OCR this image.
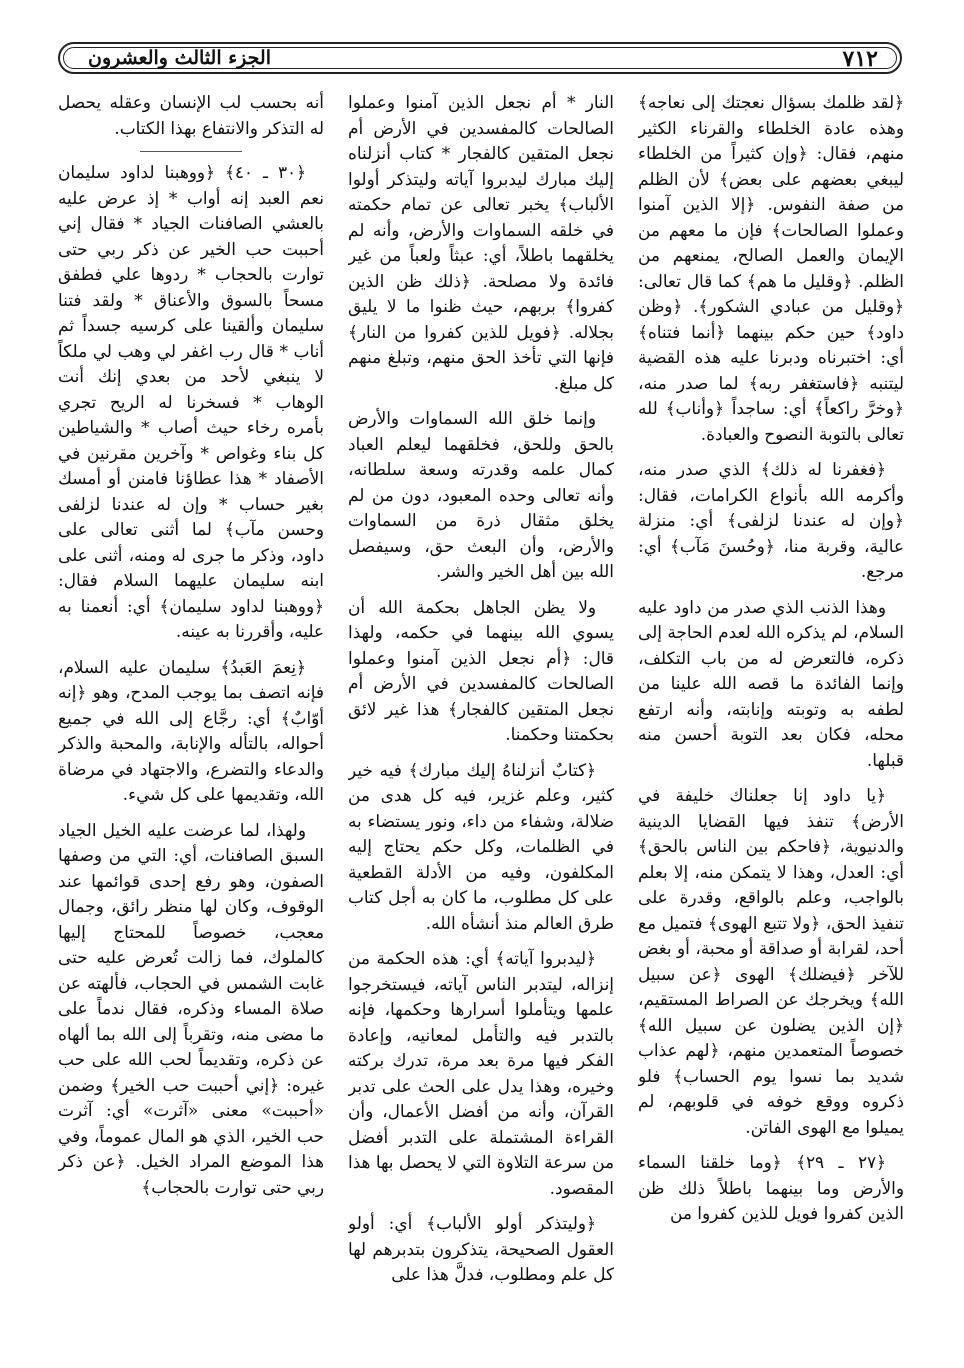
٧١٢
الجزء الثالث والعشرون

﴿لقد ظلمك بسؤال نعجتك إلى نعاجه﴾ وهذه عادة الخلطاء والقرناء الكثير منهم، فقال: ﴿وإن كثيراً من الخلطاء ليبغي بعضهم على بعض﴾ لأن الظلم من صفة النفوس. ﴿إلا الذين آمنوا وعملوا الصالحات﴾ فإن ما معهم من الإيمان والعمل الصالح، يمنعهم من الظلم. ﴿وقليل ما هم﴾ كما قال تعالى: ﴿وقليل من عبادي الشكور﴾. ﴿وظن داود﴾ حين حكم بينهما ﴿أنما فتناه﴾ أي: اختبرناه ودبرنا عليه هذه القضية ليتنبه ﴿فاستغفر ربه﴾ لما صدر منه، ﴿وخرَّ راكعاً﴾ أي: ساجداً ﴿وأناب﴾ لله تعالى بالتوبة النصوح والعبادة.

﴿فغفرنا له ذلك﴾ الذي صدر منه، وأكرمه الله بأنواع الكرامات، فقال: ﴿وإن له عندنا لزلفى﴾ أي: منزلة عالية، وقربة منا، ﴿وحُسنَ مَآب﴾ أي: مرجع.

وهذا الذنب الذي صدر من داود عليه السلام، لم يذكره الله لعدم الحاجة إلى ذكره، فالتعرض له من باب التكلف، وإنما الفائدة ما قصه الله علينا من لطفه به وتوبته وإنابته، وأنه ارتفع محله، فكان بعد التوبة أحسن منه قبلها.

﴿يا داود إنا جعلناك خليفة في الأرض﴾ تنفذ فيها القضايا الدينية والدنيوية، ﴿فاحكم بين الناس بالحق﴾ أي: العدل، وهذا لا يتمكن منه، إلا بعلم بالواجب، وعلم بالواقع، وقدرة على تنفيذ الحق، ﴿ولا تتبع الهوى﴾ فتميل مع أحد، لقرابة أو صداقة أو محبة، أو بغض للآخر ﴿فيضلك﴾ الهوى ﴿عن سبيل الله﴾ ويخرجك عن الصراط المستقيم، ﴿إن الذين يضلون عن سبيل الله﴾ خصوصاً المتعمدين منهم، ﴿لهم عذاب شديد بما نسوا يوم الحساب﴾ فلو ذكروه ووقع خوفه في قلوبهم، لم يميلوا مع الهوى الفاتن.

﴿٢٧ ـ ٢٩﴾ ﴿وما خلقنا السماء والأرض وما بينهما باطلاً ذلك ظن الذين كفروا فويل للذين كفروا من

النار * أم نجعل الذين آمنوا وعملوا الصالحات كالمفسدين في الأرض أم نجعل المتقين كالفجار * كتاب أنزلناه إليك مبارك ليدبروا آياته وليتذكر أولوا الألباب﴾ يخبر تعالى عن تمام حكمته في خلقه السماوات والأرض، وأنه لم يخلقهما باطلاً، أي: عبثاً ولعباً من غير فائدة ولا مصلحة. ﴿ذلك ظن الذين كفروا﴾ بربهم، حيث ظنوا ما لا يليق بجلاله. ﴿فويل للذين كفروا من النار﴾ فإنها التي تأخذ الحق منهم، وتبلغ منهم كل مبلغ.

وإنما خلق الله السماوات والأرض بالحق وللحق، فخلقهما ليعلم العباد كمال علمه وقدرته وسعة سلطانه، وأنه تعالى وحده المعبود، دون من لم يخلق مثقال ذرة من السماوات والأرض، وأن البعث حق، وسيفصل الله بين أهل الخير والشر.

ولا يظن الجاهل بحكمة الله أن يسوي الله بينهما في حكمه، ولهذا قال: ﴿أم نجعل الذين آمنوا وعملوا الصالحات كالمفسدين في الأرض أم نجعل المتقين كالفجار﴾ هذا غير لائق بحكمتنا وحكمنا.

﴿كتابٌ أنزلناهُ إليك مبارك﴾ فيه خير كثير، وعلم غزير، فيه كل هدى من ضلالة، وشفاء من داء، ونور يستضاء به في الظلمات، وكل حكم يحتاج إليه المكلفون، وفيه من الأدلة القطعية على كل مطلوب، ما كان به أجل كتاب طرق العالم منذ أنشأه الله.

﴿ليدبروا آياته﴾ أي: هذه الحكمة من إنزاله، ليتدبر الناس آياته، فيستخرجوا علمها ويتأملوا أسرارها وحكمها، فإنه بالتدبر فيه والتأمل لمعانيه، وإعادة الفكر فيها مرة بعد مرة، تدرك بركته وخيره، وهذا يدل على الحث على تدبر القرآن، وأنه من أفضل الأعمال، وأن القراءة المشتملة على التدبر أفضل من سرعة التلاوة التي لا يحصل بها هذا المقصود.

﴿وليتذكر أولو الألباب﴾ أي: أولو العقول الصحيحة، يتذكرون بتدبرهم لها كل علم ومطلوب، فدلَّ هذا على

أنه بحسب لب الإنسان وعقله يحصل له التذكر والانتفاع بهذا الكتاب.

﴿٣٠ ـ ٤٠﴾ ﴿ووهبنا لداود سليمان نعم العبد إنه أواب * إذ عرض عليه بالعشي الصافنات الجياد * فقال إني أحببت حب الخير عن ذكر ربي حتى توارت بالحجاب * ردوها علي فطفق مسحاً بالسوق والأعناق * ولقد فتنا سليمان وألقينا على كرسيه جسداً ثم أناب * قال رب اغفر لي وهب لي ملكاً لا ينبغي لأحد من بعدي إنك أنت الوهاب * فسخرنا له الريح تجري بأمره رخاء حيث أصاب * والشياطين كل بناء وغواص * وآخرين مقرنين في الأصفاد * هذا عطاؤنا فامنن أو أمسك بغير حساب * وإن له عندنا لزلفى وحسن مآب﴾ لما أثنى تعالى على داود، وذكر ما جرى له ومنه، أثنى على ابنه سليمان عليهما السلام فقال: ﴿ووهبنا لداود سليمان﴾ أي: أنعمنا به عليه، وأقررنا به عينه.

﴿نِعمَ العَبدُ﴾ سليمان عليه السلام، فإنه اتصف بما يوجب المدح، وهو ﴿إنه أوّابٌ﴾ أي: رجَّاع إلى الله في جميع أحواله، بالتأله والإنابة، والمحبة والذكر والدعاء والتضرع، والاجتهاد في مرضاة الله، وتقديمها على كل شيء.

ولهذا، لما عرضت عليه الخيل الجياد السبق الصافنات، أي: التي من وصفها الصفون، وهو رفع إحدى قوائمها عند الوقوف، وكان لها منظر رائق، وجمال معجب، خصوصاً للمحتاج إليها كالملوك، فما زالت تُعرض عليه حتى غابت الشمس في الحجاب، فألهته عن صلاة المساء وذكره، فقال ندماً على ما مضى منه، وتقرباً إلى الله بما ألهاه عن ذكره، وتقديماً لحب الله على حب غيره: ﴿إني أحببت حب الخير﴾ وضمن «أحببت» معنى «آثرت» أي: آثرت حب الخير، الذي هو المال عموماً، وفي هذا الموضع المراد الخيل. ﴿عن ذكر ربي حتى توارت بالحجاب﴾
